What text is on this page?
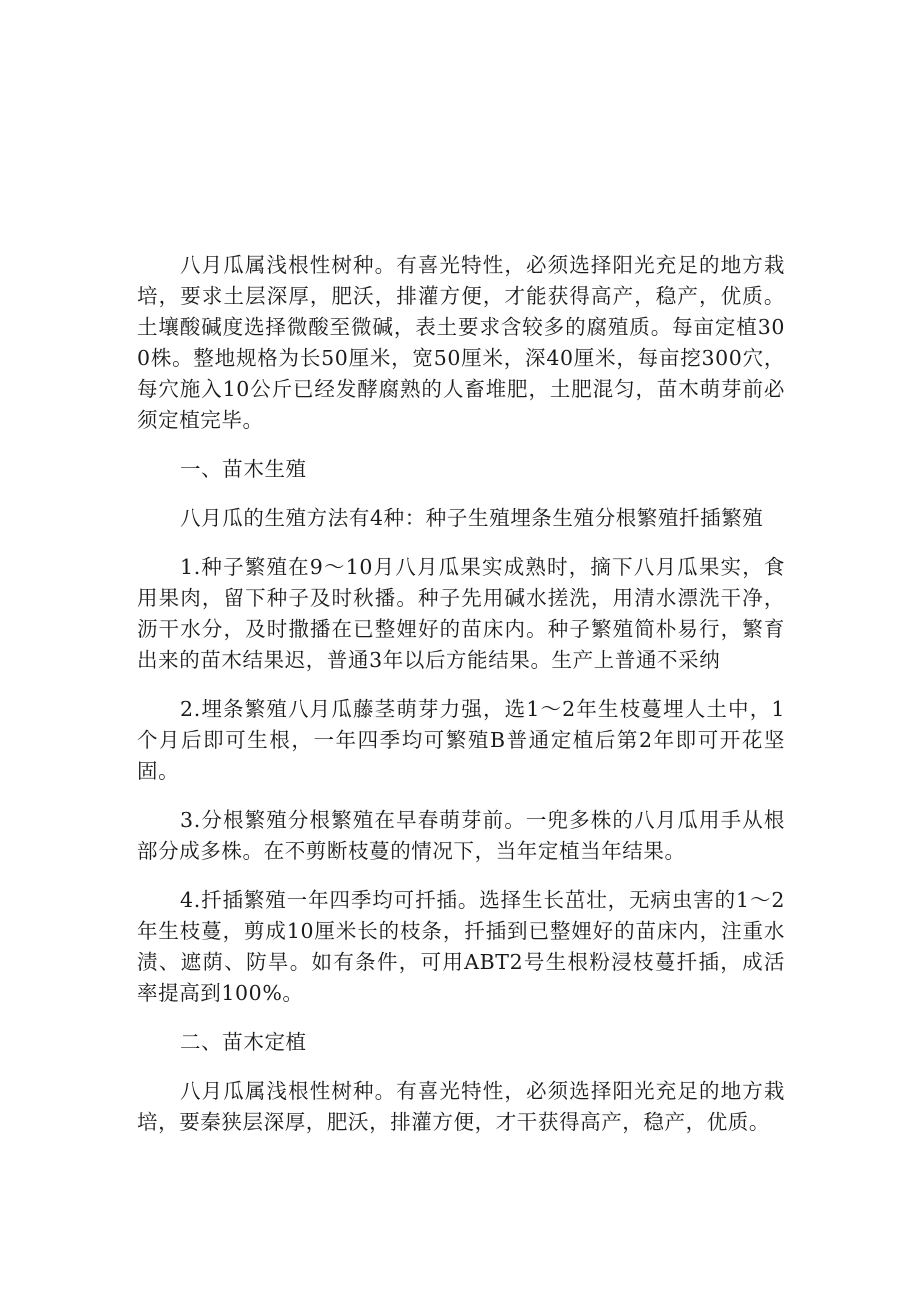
八月瓜属浅根性树种。有喜光特性，必须选择阳光充足的地方栽培，要求土层深厚，肥沃，排灌方便，才能获得高产，稳产，优质。土壤酸碱度选择微酸至微碱，表土要求含较多的腐殖质。每亩定植300株。整地规格为长50厘米，宽50厘米，深40厘米，每亩挖300穴，每穴施入10公斤已经发酵腐熟的人畜堆肥，土肥混匀，苗木萌芽前必须定植完毕。

一、苗木生殖

八月瓜的生殖方法有4种：种子生殖埋条生殖分根繁殖扦插繁殖

1.种子繁殖在9～10月八月瓜果实成熟时，摘下八月瓜果实，食用果肉，留下种子及时秋播。种子先用碱水搓洗，用清水漂洗干净，沥干水分，及时撒播在已整娌好的苗床内。种子繁殖简朴易行，繁育出来的苗木结果迟，普通3年以后方能结果。生产上普通不采纳

2.埋条繁殖八月瓜藤茎萌芽力强，选1～2年生枝蔓埋人土中，1个月后即可生根，一年四季均可繁殖B普通定植后第2年即可开花坚固。

3.分根繁殖分根繁殖在早春萌芽前。一兜多株的八月瓜用手从根部分成多株。在不剪断枝蔓的情况下，当年定植当年结果。

4.扦插繁殖一年四季均可扦插。选择生长茁壮，无病虫害的1～2年生枝蔓，剪成10厘米长的枝条，扦插到已整娌好的苗床内，注重水渍、遮荫、防旱。如有条件，可用ABT2号生根粉浸枝蔓扦插，成活率提高到100%。

二、苗木定植

八月瓜属浅根性树种。有喜光特性，必须选择阳光充足的地方栽培，要秦狭层深厚，肥沃，排灌方便，才干获得高产，稳产，优质。
